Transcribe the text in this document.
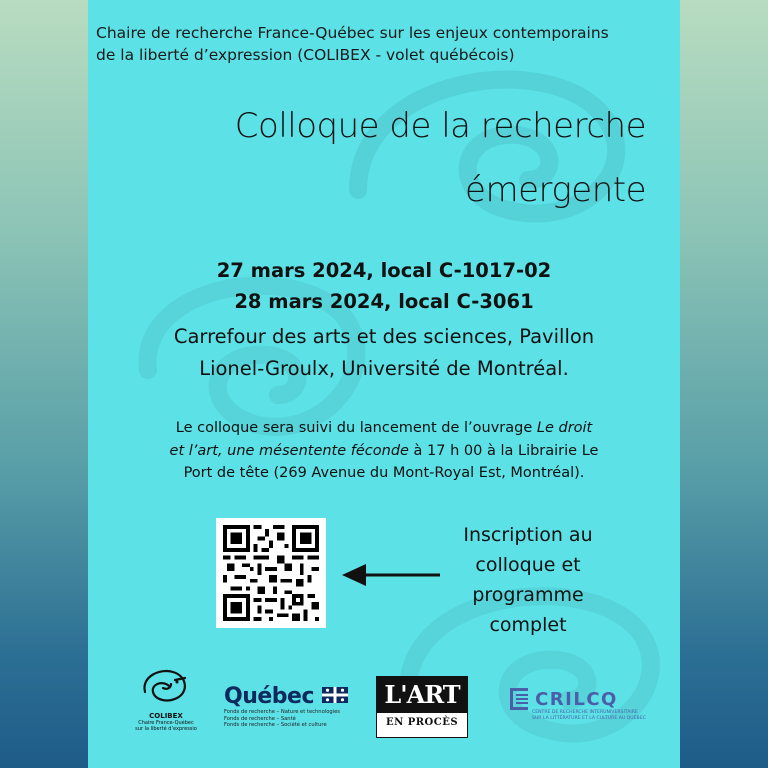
Chaire de recherche France-Québec sur les enjeux contemporains
de la liberté d’expression (COLIBEX - volet québécois)
Colloque de la recherche
émergente
27 mars 2024, local C-1017-02
28 mars 2024, local C-3061
Carrefour des arts et des sciences, Pavillon
Lionel-Groulx, Université de Montréal.
Le colloque sera suivi du lancement de l’ouvrage Le droit
et l’art, une mésentente féconde à 17 h 00 à la Librairie Le
Port de tête (269 Avenue du Mont-Royal Est, Montréal).
Inscription au
colloque et
programme
complet
COLIBEX
Chaire France-Québec
sur la liberté d’expressio
Québec
Fonds de recherche – Nature et technologies
Fonds de recherche – Santé
Fonds de recherche – Société et culture
L'ART
EN PROCÈS
CRILCQ
CENTRE DE RECHERCHE INTERUNIVERSITAIRE
SUR LA LITTÉRATURE ET LA CULTURE AU QUÉBEC
